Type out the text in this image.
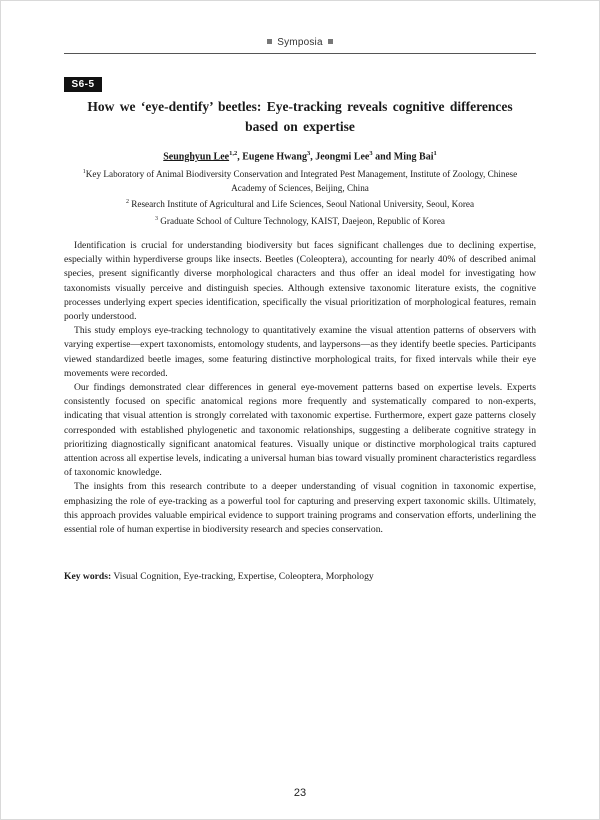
Symposia
S6-5
How we ‘eye-dentify’ beetles: Eye-tracking reveals cognitive differences
based on expertise
Seunghyun Lee$^{1,2}$, Eugene Hwang$^3$, Jeongmi Lee$^3$ and Ming Bai$^1$
$^1$Key Laboratory of Animal Biodiversity Conservation and Integrated Pest Management, Institute of Zoology, Chinese Academy of Sciences, Beijing, China
$^2$ Research Institute of Agricultural and Life Sciences, Seoul National University, Seoul, Korea
$^3$ Graduate School of Culture Technology, KAIST, Daejeon, Republic of Korea

Identification is crucial for understanding biodiversity but faces significant challenges due to declining expertise, especially within hyperdiverse groups like insects. Beetles (Coleoptera), accounting for nearly 40% of described animal species, present significantly diverse morphological characters and thus offer an ideal model for investigating how taxonomists visually perceive and distinguish species. Although extensive taxonomic literature exists, the cognitive processes underlying expert species identification, specifically the visual prioritization of morphological features, remain poorly understood.

This study employs eye-tracking technology to quantitatively examine the visual attention patterns of observers with varying expertise—expert taxonomists, entomology students, and laypersons—as they identify beetle species. Participants viewed standardized beetle images, some featuring distinctive morphological traits, for fixed intervals while their eye movements were recorded.

Our findings demonstrated clear differences in general eye-movement patterns based on expertise levels. Experts consistently focused on specific anatomical regions more frequently and systematically compared to non-experts, indicating that visual attention is strongly correlated with taxonomic expertise. Furthermore, expert gaze patterns closely corresponded with established phylogenetic and taxonomic relationships, suggesting a deliberate cognitive strategy in prioritizing diagnostically significant anatomical features. Visually unique or distinctive morphological traits captured attention across all expertise levels, indicating a universal human bias toward visually prominent characteristics regardless of taxonomic knowledge.

The insights from this research contribute to a deeper understanding of visual cognition in taxonomic expertise, emphasizing the role of eye-tracking as a powerful tool for capturing and preserving expert taxonomic skills. Ultimately, this approach provides valuable empirical evidence to support training programs and conservation efforts, underlining the essential role of human expertise in biodiversity research and species conservation.

Key words: Visual Cognition, Eye-tracking, Expertise, Coleoptera, Morphology
23
